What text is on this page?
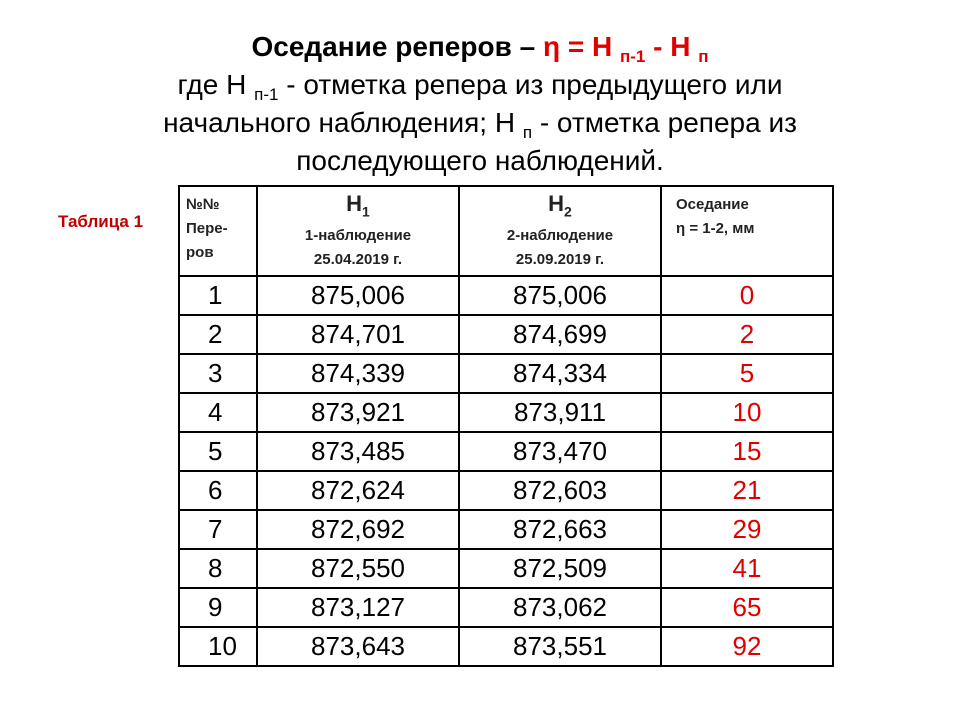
Оседание реперов – η = Н $_{п-1}$ - Н $_п$
где Н $_{п-1}$ - отметка репера из предыдущего или
начального наблюдения; Н $_п$ - отметка репера из
последующего наблюдений.
Таблица 1
№№
Пере-
ров	$Н_1$
1-наблюдение
25.04.2019 г.	$Н_2$
2-наблюдение
25.09.2019 г.	Оседание
η = 1-2, мм

1	875,006	875,006	0
2	874,701	874,699	2
3	874,339	874,334	5
4	873,921	873,911	10
5	873,485	873,470	15
6	872,624	872,603	21
7	872,692	872,663	29
8	872,550	872,509	41
9	873,127	873,062	65
10	873,643	873,551	92
